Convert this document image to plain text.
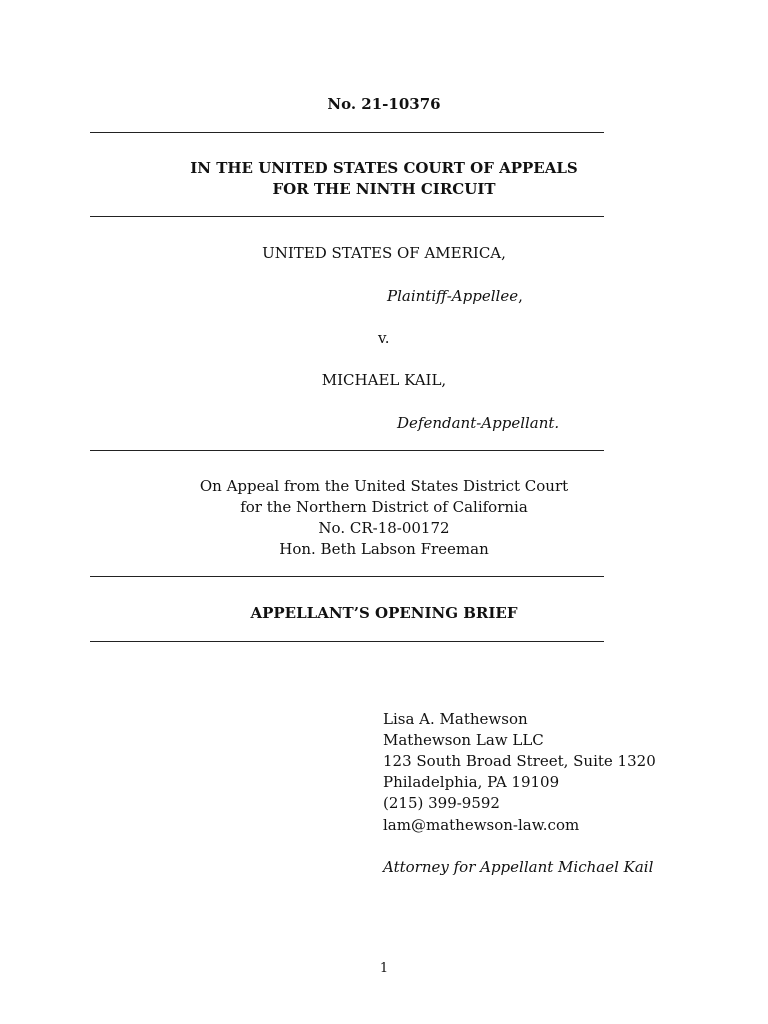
No. 21-10376
IN THE UNITED STATES COURT OF APPEALS
FOR THE NINTH CIRCUIT
UNITED STATES OF AMERICA,
Plaintiff-Appellee,
v.
MICHAEL KAIL,
Defendant-Appellant.
On Appeal from the United States District Court
for the Northern District of California
No. CR-18-00172
Hon. Beth Labson Freeman
APPELLANT’S OPENING BRIEF
Lisa A. Mathewson
Mathewson Law LLC
123 South Broad Street, Suite 1320
Philadelphia, PA 19109
(215) 399-9592
lam@mathewson-law.com
Attorney for Appellant Michael Kail
1
